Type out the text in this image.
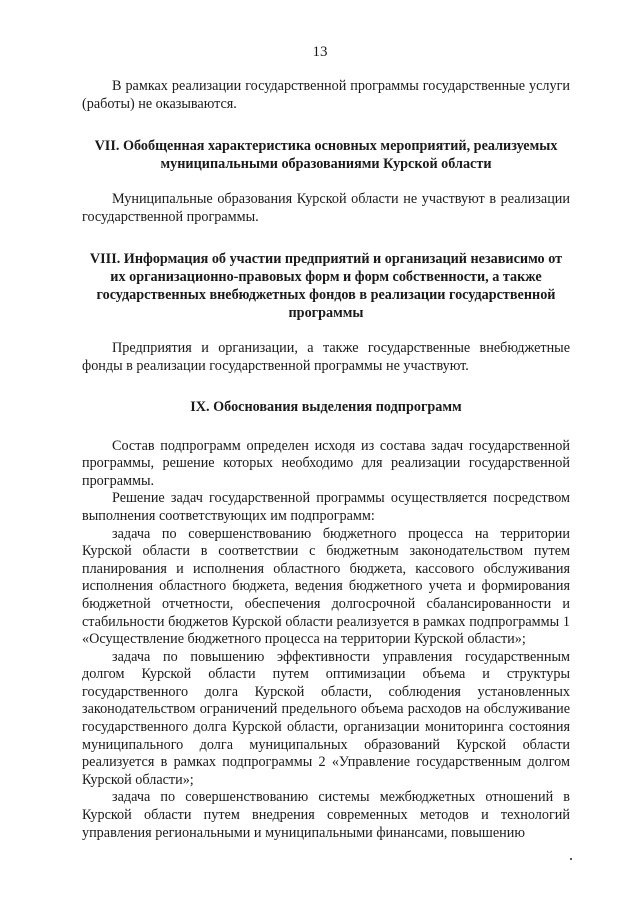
13

В рамках реализации государственной программы государственные услуги (работы) не оказываются.

VII. Обобщенная характеристика основных мероприятий, реализуемых муниципальными образованиями Курской области

Муниципальные образования Курской области не участвуют в реализации государственной программы.

VIII. Информация об участии предприятий и организаций независимо от их организационно-правовых форм и форм собственности, а также государственных внебюджетных фондов в реализации государственной программы

Предприятия и организации, а также государственные внебюджетные фонды в реализации государственной программы не участвуют.

IX. Обоснования выделения подпрограмм

Состав подпрограмм определен исходя из состава задач государственной программы, решение которых необходимо для реализации государственной программы.

Решение задач государственной программы осуществляется посредством выполнения соответствующих им подпрограмм:

задача по совершенствованию бюджетного процесса на территории Курской области в соответствии с бюджетным законодательством путем планирования и исполнения областного бюджета, кассового обслуживания исполнения областного бюджета, ведения бюджетного учета и формирования бюджетной отчетности, обеспечения долгосрочной сбалансированности и стабильности бюджетов Курской области реализуется в рамках подпрограммы 1 «Осуществление бюджетного процесса на территории Курской области»;

задача по повышению эффективности управления государственным долгом Курской области путем оптимизации объема и структуры государственного долга Курской области, соблюдения установленных законодательством ограничений предельного объема расходов на обслуживание государственного долга Курской области, организации мониторинга состояния муниципального долга муниципальных образований Курской области реализуется в рамках подпрограммы 2 «Управление государственным долгом Курской области»;

задача по совершенствованию системы межбюджетных отношений в Курской области путем внедрения современных методов и технологий управления региональными и муниципальными финансами, повышению
